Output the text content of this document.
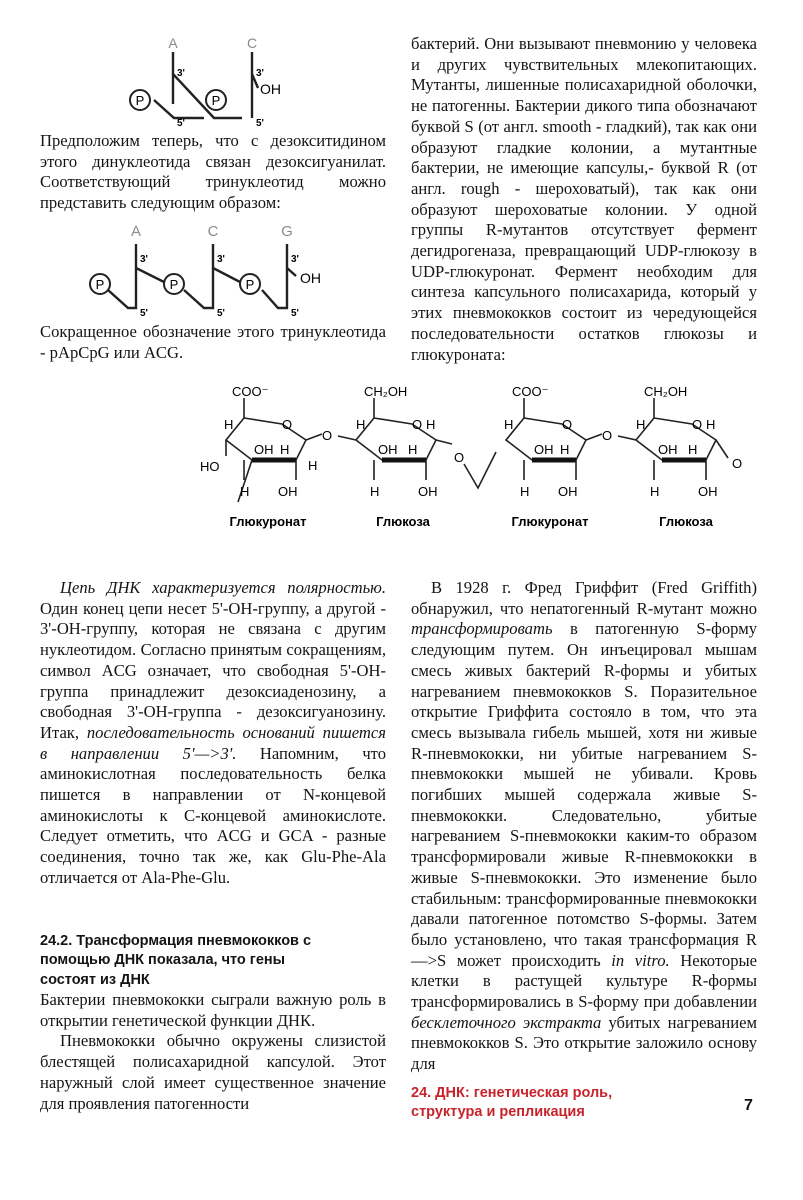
A	C
P	P
3'
5'
3'
5'
OH

Предположим теперь, что с дезокситидином этого динуклеотида связан дезоксигуанилат. Соответствующий тринуклеотид можно представить следующим образом:

A	C	G
P	P	P
3'
5'
3'
5'
3'
5'
OH

Сокращенное обозначение этого тринуклеотида - pApCpG или ACG.

бактерий. Они вызывают пневмонию у человека и других чувствительных млекопитающих. Мутанты, лишенные полисахаридной оболочки, не патогенны. Бактерии дикого типа обозначают буквой S (от англ. smooth - гладкий), так как они образуют гладкие колонии, а мутантные бактерии, не имеющие капсулы,- буквой R (от англ. rough - шероховатый), так как они образуют шероховатые колонии. У одной группы R-мутантов отсутствует фермент дегидрогеназа, превращающий UDP-глюкозу в UDP-глюкуронат. Фермент необходим для синтеза капсульного полисахарида, который у этих пневмококков состоит из чередующейся последовательности остатков глюкозы и глюкуроната:

COO⁻
O
H
HO
H OH
H
OH
H
O
CH₂OH
O
H	H
OH H
H	OH
O
COO⁻
O
H
OH H
H OH
O
CH₂OH
O
H	H
OH H
H	OH
O
Глюкуронат	Глюкоза	Глюкуронат	Глюкоза

Цепь ДНК характеризуется полярностью. Один конец цепи несет 5'-ОН-группу, а другой - 3'-ОН-группу, которая не связана с другим нуклеотидом. Согласно принятым сокращениям, символ ACG означает, что свободная 5'-ОН-группа принадлежит дезоксиаденозину, а свободная 3'-ОН-группа - дезоксигуанозину. Итак, последовательность оснований пишется в направлении 5'—>3'. Напомним, что аминокислотная последовательность белка пишется в направлении от N-концевой аминокислоты к С-концевой аминокислоте. Следует отметить, что ACG и GCA - разные соединения, точно так же, как Glu-Phe-Ala отличается от Ala-Phe-Glu.

24.2. Трансформация пневмококков с помощью ДНК показала, что гены состоят из ДНК

Бактерии пневмококки сыграли важную роль в открытии генетической функции ДНК.

Пневмококки обычно окружены слизистой блестящей полисахаридной капсулой. Этот наружный слой имеет существенное значение для проявления патогенности

В 1928 г. Фред Гриффит (Fred Griffith) обнаружил, что непатогенный R-мутант можно трансформировать в патогенную S-форму следующим путем. Он инъецировал мышам смесь живых бактерий R-формы и убитых нагреванием пневмококков S. Поразительное открытие Гриффита состояло в том, что эта смесь вызывала гибель мышей, хотя ни живые R-пневмококки, ни убитые нагреванием S-пневмококки мышей не убивали. Кровь погибших мышей содержала живые S-пневмококки. Следовательно, убитые нагреванием S-пневмококки каким-то образом трансформировали живые R-пневмококки в живые S-пневмококки. Это изменение было стабильным: трансформированные пневмококки давали патогенное потомство S-формы. Затем было установлено, что такая трансформация R—>S может происходить in vitro. Некоторые клетки в растущей культуре R-формы трансформировались в S-форму при добавлении бесклеточного экстракта убитых нагреванием пневмококков S. Это открытие заложило основу для

24. ДНК: генетическая роль, структура и репликация	7
